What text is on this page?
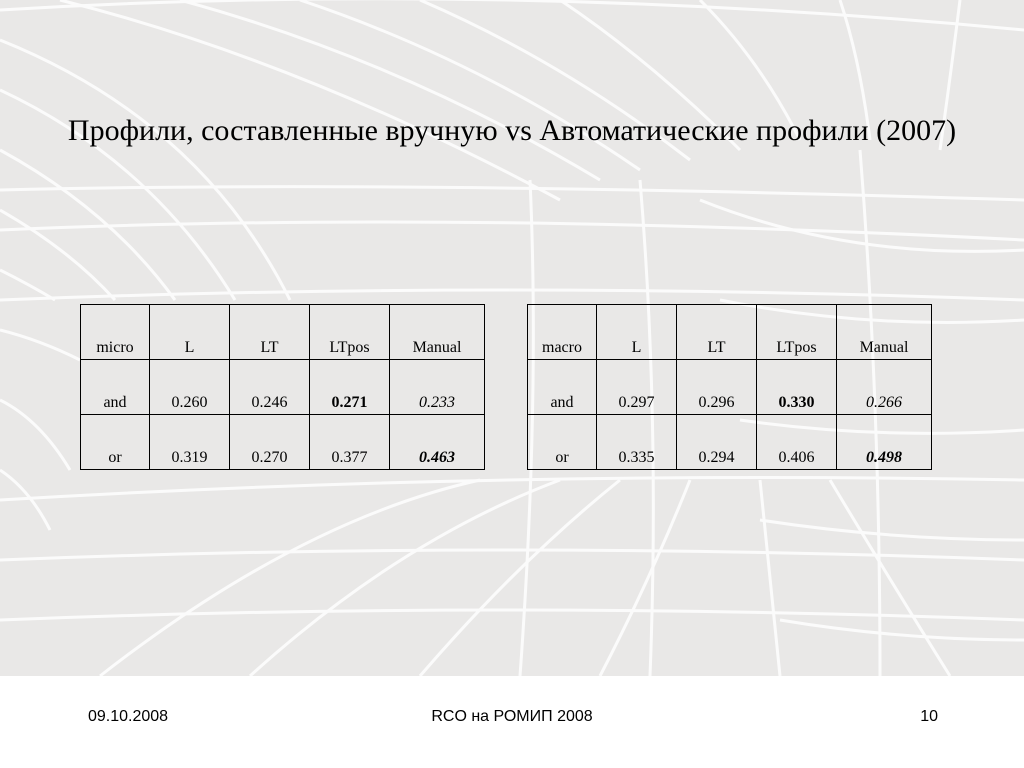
Профили, составленные вручную vs Автоматические профили (2007)
micro	L	LT	LTpos	Manual
and	0.260	0.246	0.271	0.233
or	0.319	0.270	0.377	0.463
macro	L	LT	LTpos	Manual
and	0.297	0.296	0.330	0.266
or	0.335	0.294	0.406	0.498
09.10.2008	RCO на РОМИП 2008	10
